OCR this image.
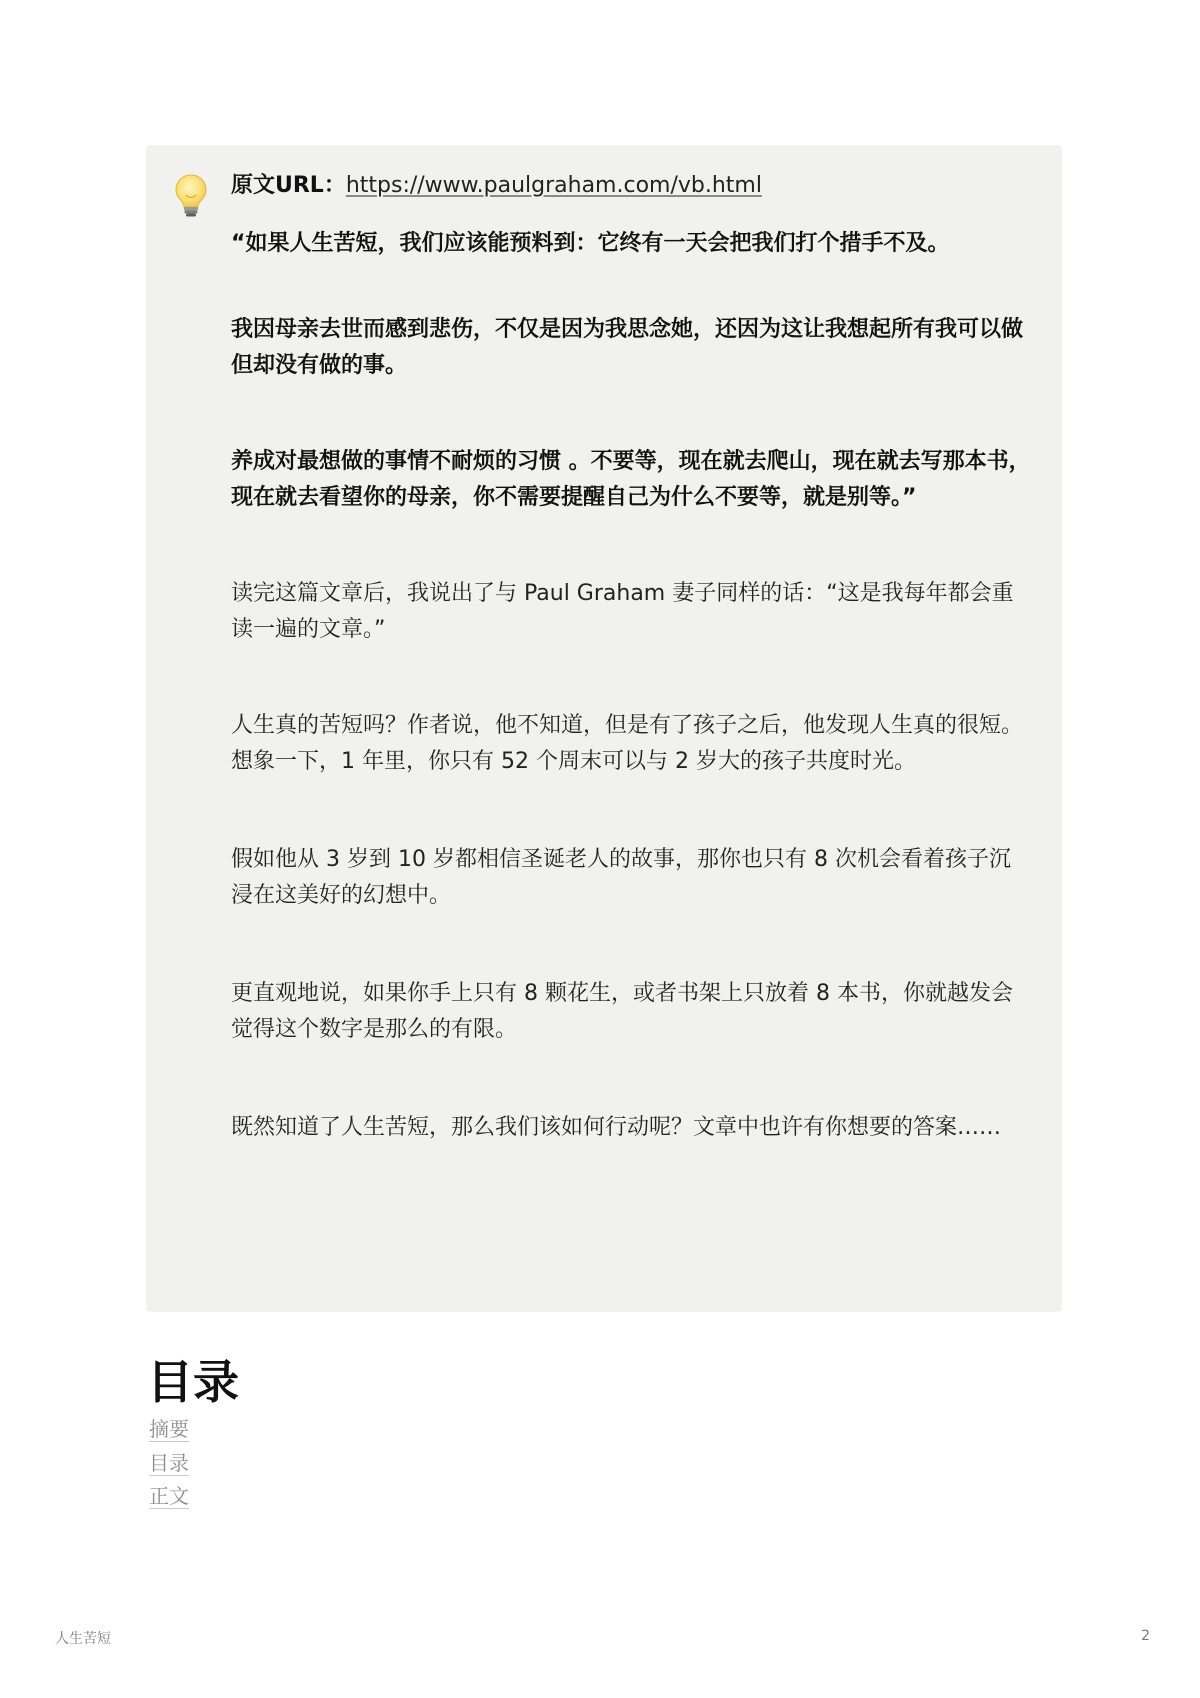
原文URL：https://www.paulgraham.com/vb.html

“如果人生苦短，我们应该能预料到：它终有一天会把我们打个措手不及。

我因母亲去世而感到悲伤，不仅是因为我思念她，还因为这让我想起所有我可以做但却没有做的事。

养成对最想做的事情不耐烦的习惯 。不要等，现在就去爬山，现在就去写那本书，现在就去看望你的母亲，你不需要提醒自己为什么不要等，就是别等。”

读完这篇文章后，我说出了与 Paul Graham 妻子同样的话：“这是我每年都会重读一遍的文章。”

人生真的苦短吗？作者说，他不知道，但是有了孩子之后，他发现人生真的很短。想象一下，1 年里，你只有 52 个周末可以与 2 岁大的孩子共度时光。

假如他从 3 岁到 10 岁都相信圣诞老人的故事，那你也只有 8 次机会看着孩子沉浸在这美好的幻想中。

更直观地说，如果你手上只有 8 颗花生，或者书架上只放着 8 本书，你就越发会觉得这个数字是那么的有限。

既然知道了人生苦短，那么我们该如何行动呢？文章中也许有你想要的答案……

目录
摘要
目录
正文
人生苦短	2
